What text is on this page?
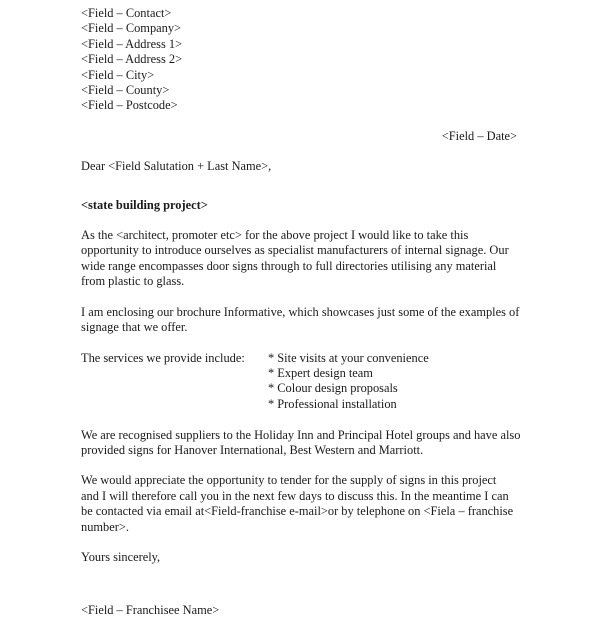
<Field – Contact>
<Field – Company>
<Field – Address 1>
<Field – Address 2>
<Field – City>
<Field – County>
<Field – Postcode>
<Field – Date>
Dear <Field Salutation + Last Name>,
<state building project>
As the <architect, promoter etc> for the above project I would like to take this
opportunity to introduce ourselves as specialist manufacturers of internal signage. Our
wide range encompasses door signs through to full directories utilising any material
from plastic to glass.
I am enclosing our brochure Informative, which showcases just some of the examples of
signage that we offer.
The services we provide include: * Site visits at your convenience
* Expert design team
* Colour design proposals
* Professional installation
We are recognised suppliers to the Holiday Inn and Principal Hotel groups and have also
provided signs for Hanover International, Best Western and Marriott.
We would appreciate the opportunity to tender for the supply of signs in this project
and I will therefore call you in the next few days to discuss this. In the meantime I can
be contacted via email at<Field-franchise e-mail>or by telephone on <Fiela – franchise
number>.
Yours sincerely,
<Field – Franchisee Name>
